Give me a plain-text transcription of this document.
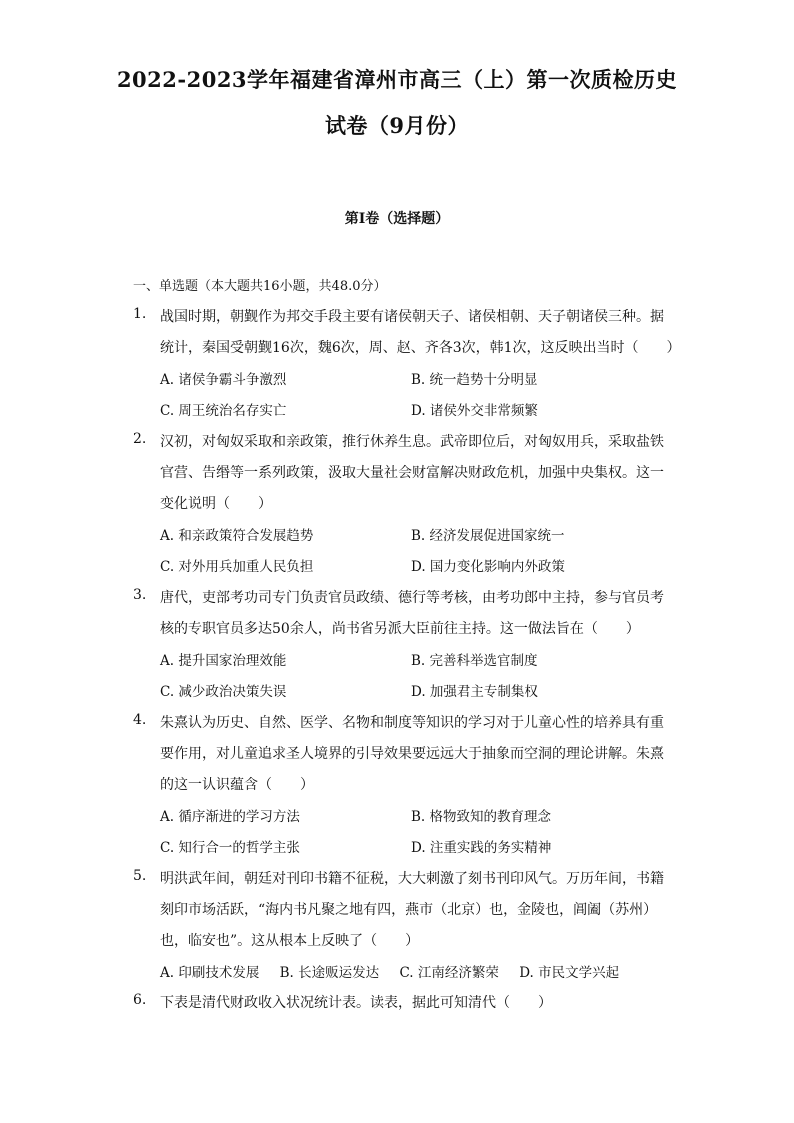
2022-2023学年福建省漳州市高三（上）第一次质检历史
试卷（9月份）
第I卷（选择题）
一、单选题（本大题共16小题，共48.0分）
1. 战国时期，朝觐作为邦交手段主要有诸侯朝天子、诸侯相朝、天子朝诸侯三种。据
统计，秦国受朝觐16次，魏6次，周、赵、齐各3次，韩1次，这反映出当时（　　）
A. 诸侯争霸斗争激烈	B. 统一趋势十分明显
C. 周王统治名存实亡	D. 诸侯外交非常频繁
2. 汉初，对匈奴采取和亲政策，推行休养生息。武帝即位后，对匈奴用兵，采取盐铁
官营、告缗等一系列政策，汲取大量社会财富解决财政危机，加强中央集权。这一
变化说明（　　）
A. 和亲政策符合发展趋势	B. 经济发展促进国家统一
C. 对外用兵加重人民负担	D. 国力变化影响内外政策
3. 唐代，吏部考功司专门负责官员政绩、德行等考核，由考功郎中主持，参与官员考
核的专职官员多达50余人，尚书省另派大臣前往主持。这一做法旨在（　　）
A. 提升国家治理效能	B. 完善科举选官制度
C. 减少政治决策失误	D. 加强君主专制集权
4. 朱熹认为历史、自然、医学、名物和制度等知识的学习对于儿童心性的培养具有重
要作用，对儿童追求圣人境界的引导效果要远远大于抽象而空洞的理论讲解。朱熹
的这一认识蕴含（　　）
A. 循序渐进的学习方法	B. 格物致知的教育理念
C. 知行合一的哲学主张	D. 注重实践的务实精神
5. 明洪武年间，朝廷对刊印书籍不征税，大大刺激了刻书刊印风气。万历年间，书籍
刻印市场活跃，“海内书凡聚之地有四，燕市（北京）也，金陵也，阊阖（苏州）
也，临安也”。这从根本上反映了（　　）
A. 印刷技术发展 B. 长途贩运发达 C. 江南经济繁荣 D. 市民文学兴起
6. 下表是清代财政收入状况统计表。读表，据此可知清代（　　）
